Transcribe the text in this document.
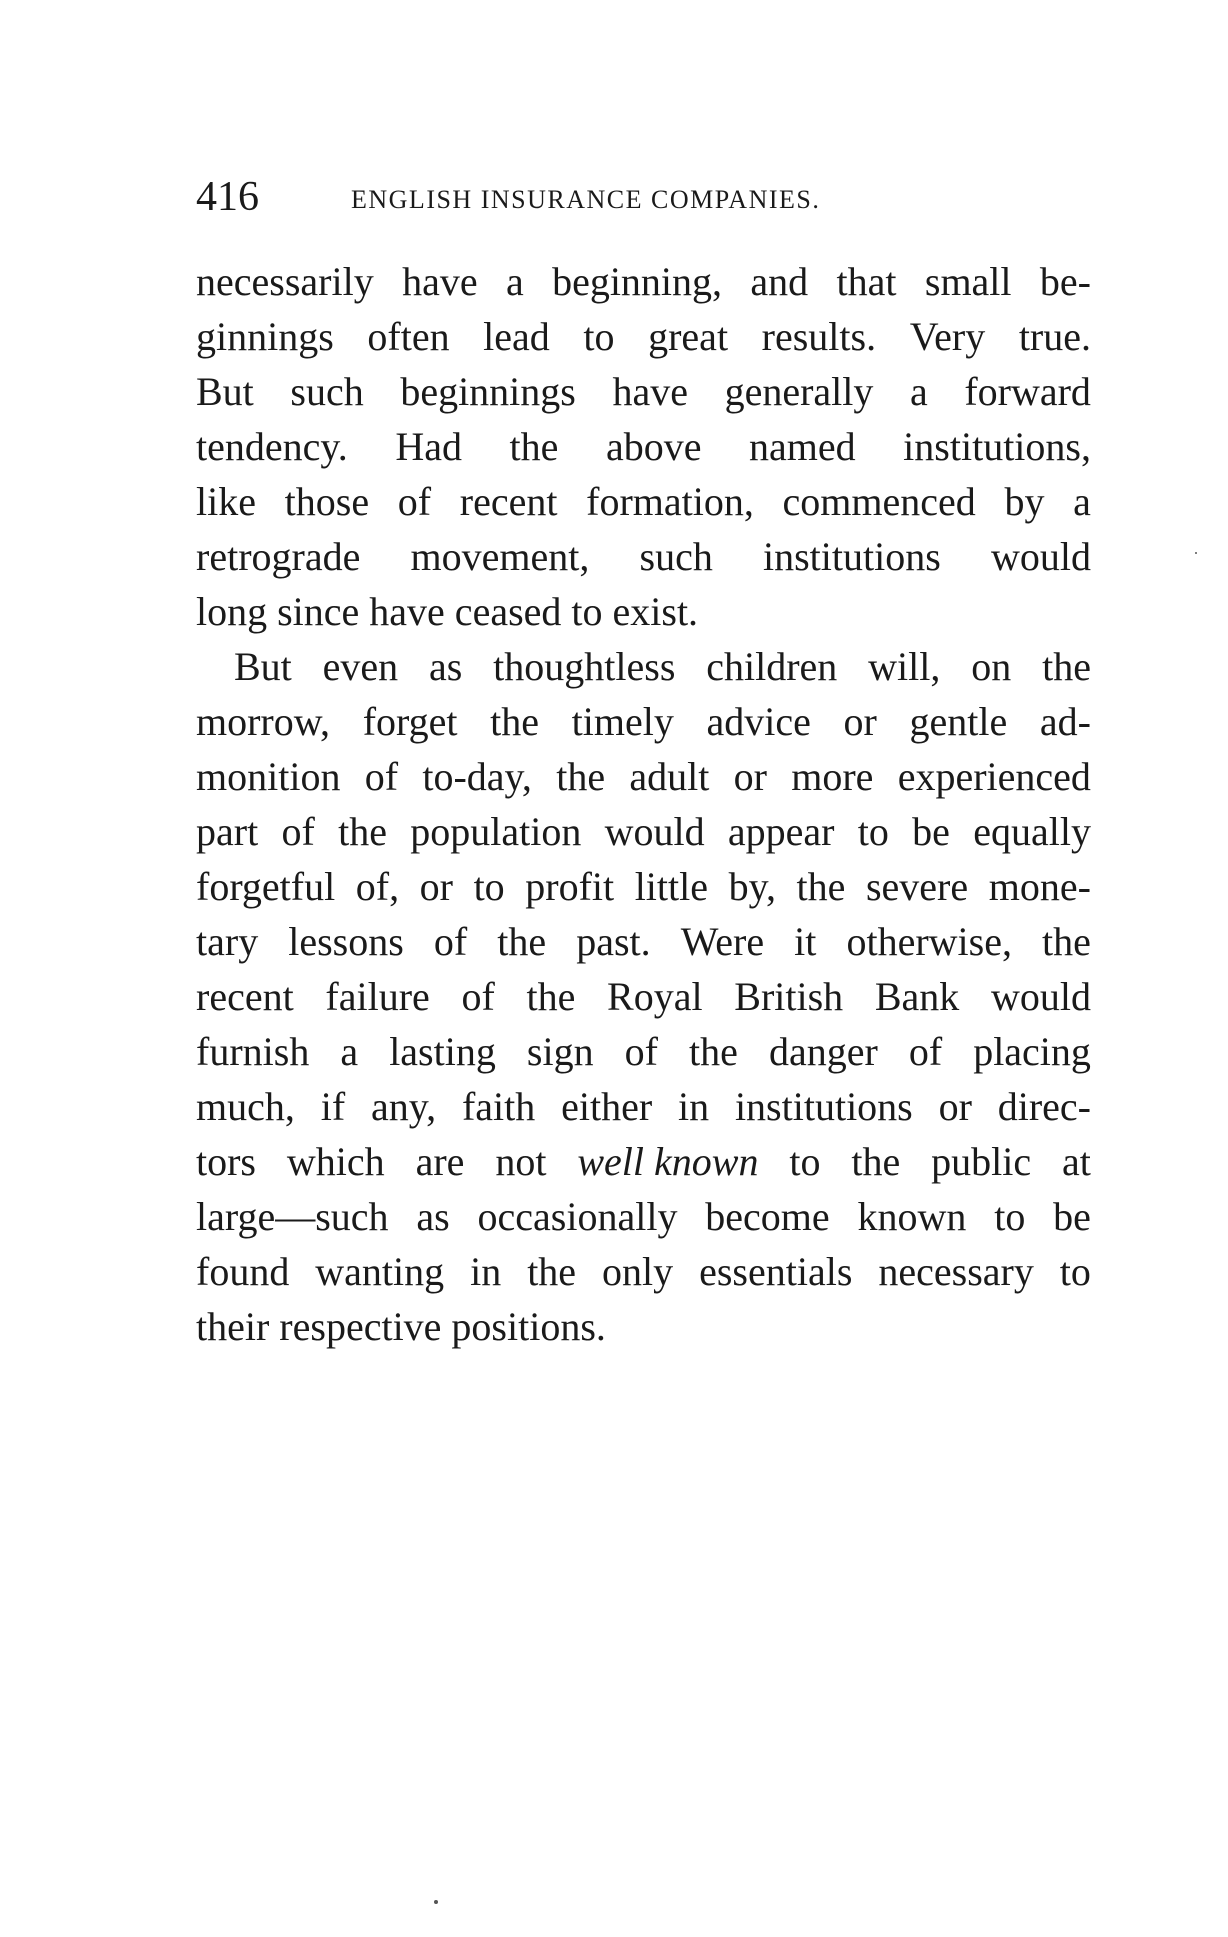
416	ENGLISH INSURANCE COMPANIES.
necessarily have a beginning, and that small be-
ginnings often lead to great results. Very true.
But such beginnings have generally a forward
tendency. Had the above named institutions,
like those of recent formation, commenced by a
retrograde movement, such institutions would
long since have ceased to exist.
But even as thoughtless children will, on the
morrow, forget the timely advice or gentle ad-
monition of to-day, the adult or more experienced
part of the population would appear to be equally
forgetful of, or to profit little by, the severe mone-
tary lessons of the past. Were it otherwise, the
recent failure of the Royal British Bank would
furnish a lasting sign of the danger of placing
much, if any, faith either in institutions or direc-
tors which are not well known to the public at
large—such as occasionally become known to be
found wanting in the only essentials necessary to
their respective positions.
